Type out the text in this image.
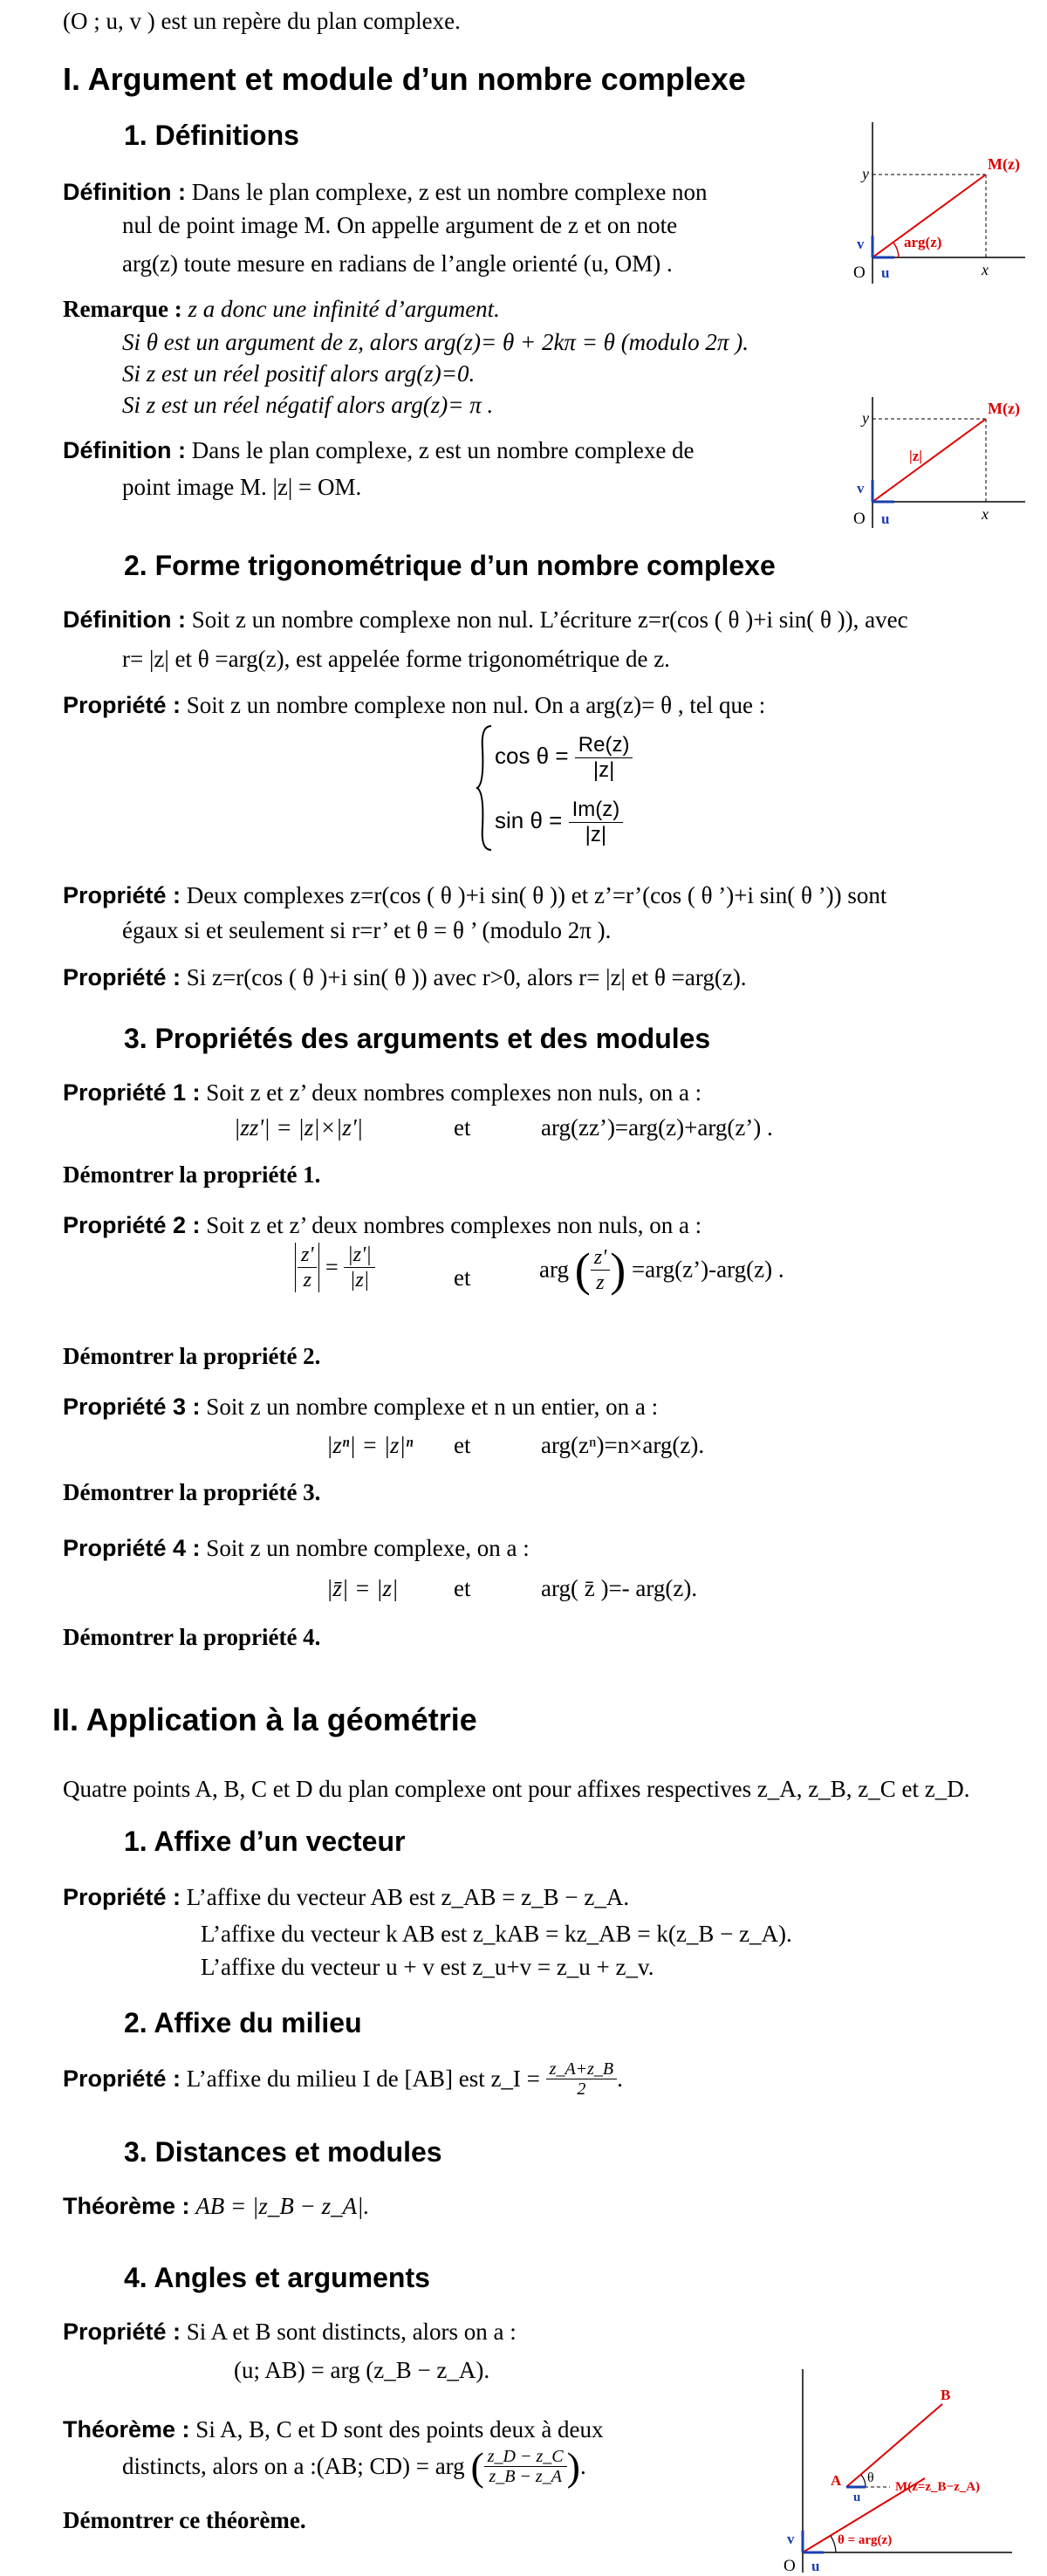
(O ; u, v ) est un repère du plan complexe.
I. Argument et module d’un nombre complexe
1. Définitions
Définition : Dans le plan complexe, z est un nombre complexe non
nul de point image M. On appelle argument de z et on note
arg(z) toute mesure en radians de l’angle orienté (u, OM) .
Remarque : z a donc une infinité d’argument.
Si θ est un argument de z, alors arg(z)= θ + 2kπ = θ (modulo 2π ).
Si z est un réel positif alors arg(z)=0.
Si z est un réel négatif alors arg(z)= π .
Définition : Dans le plan complexe, z est un nombre complexe de
point image M. |z| = OM.
y
x
M(z)
arg(z)
O u
v
y
x
M(z)
|z|
O u
v
2. Forme trigonométrique d’un nombre complexe
Définition : Soit z un nombre complexe non nul. L’écriture z=r(cos ( θ )+i sin( θ )), avec
r= |z| et θ =arg(z), est appelée forme trigonométrique de z.
Propriété : Soit z un nombre complexe non nul. On a arg(z)= θ , tel que :
$\cos \theta = \frac{Re(z)}{|z|}$
$\sin \theta = \frac{Im(z)}{|z|}$
Propriété : Deux complexes z=r(cos ( θ )+i sin( θ )) et z’=r’(cos ( θ ’)+i sin( θ ’)) sont
égaux si et seulement si r=r’ et θ = θ ’ (modulo 2π ).
Propriété : Si z=r(cos ( θ )+i sin( θ )) avec r>0, alors r= |z| et θ =arg(z).
3. Propriétés des arguments et des modules
Propriété 1 : Soit z et z’ deux nombres complexes non nuls, on a :
|zz'| = |z|×|z'|	et	arg(zz’)=arg(z)+arg(z’) .
Démontrer la propriété 1.
Propriété 2 : Soit z et z’ deux nombres complexes non nuls, on a :
$\frac{z'}{z} = \frac{|z'|}{|z|}$	et	arg ( $\frac{z'}{z}$ ) =arg(z’)-arg(z) .
Démontrer la propriété 2.
Propriété 3 : Soit z un nombre complexe et n un entier, on a :
|zⁿ| = |z|ⁿ et	arg(zⁿ)=n×arg(z).
Démontrer la propriété 3.
Propriété 4 : Soit z un nombre complexe, on a :
|z̄| = |z| et	arg( z̄ )=- arg(z).
Démontrer la propriété 4.
II. Application à la géométrie
Quatre points A, B, C et D du plan complexe ont pour affixes respectives z_A, z_B, z_C et z_D.
1. Affixe d’un vecteur
Propriété : L’affixe du vecteur AB est z_AB = z_B − z_A.
L’affixe du vecteur k AB est z_kAB = kz_AB = k(z_B − z_A).
L’affixe du vecteur u + v est z_u+v = z_u + z_v.
2. Affixe du milieu
Propriété : L’affixe du milieu I de [AB] est z_I = $\frac{z\_A+z\_B}{2}$ .
3. Distances et modules
Théorème : AB = |z_B − z_A|.
4. Angles et arguments
Propriété : Si A et B sont distincts, alors on a :
(u; AB) = arg (z_B − z_A).
Théorème : Si A, B, C et D sont des points deux à deux
distincts, alors on a :(AB; CD) = arg ( $\frac{z\_D - z\_C}{z\_B - z\_A}$ ).
Démontrer ce théorème.
A
B
θ
M(z=z_B−z_A)
θ = arg(z)
O u
v
u
